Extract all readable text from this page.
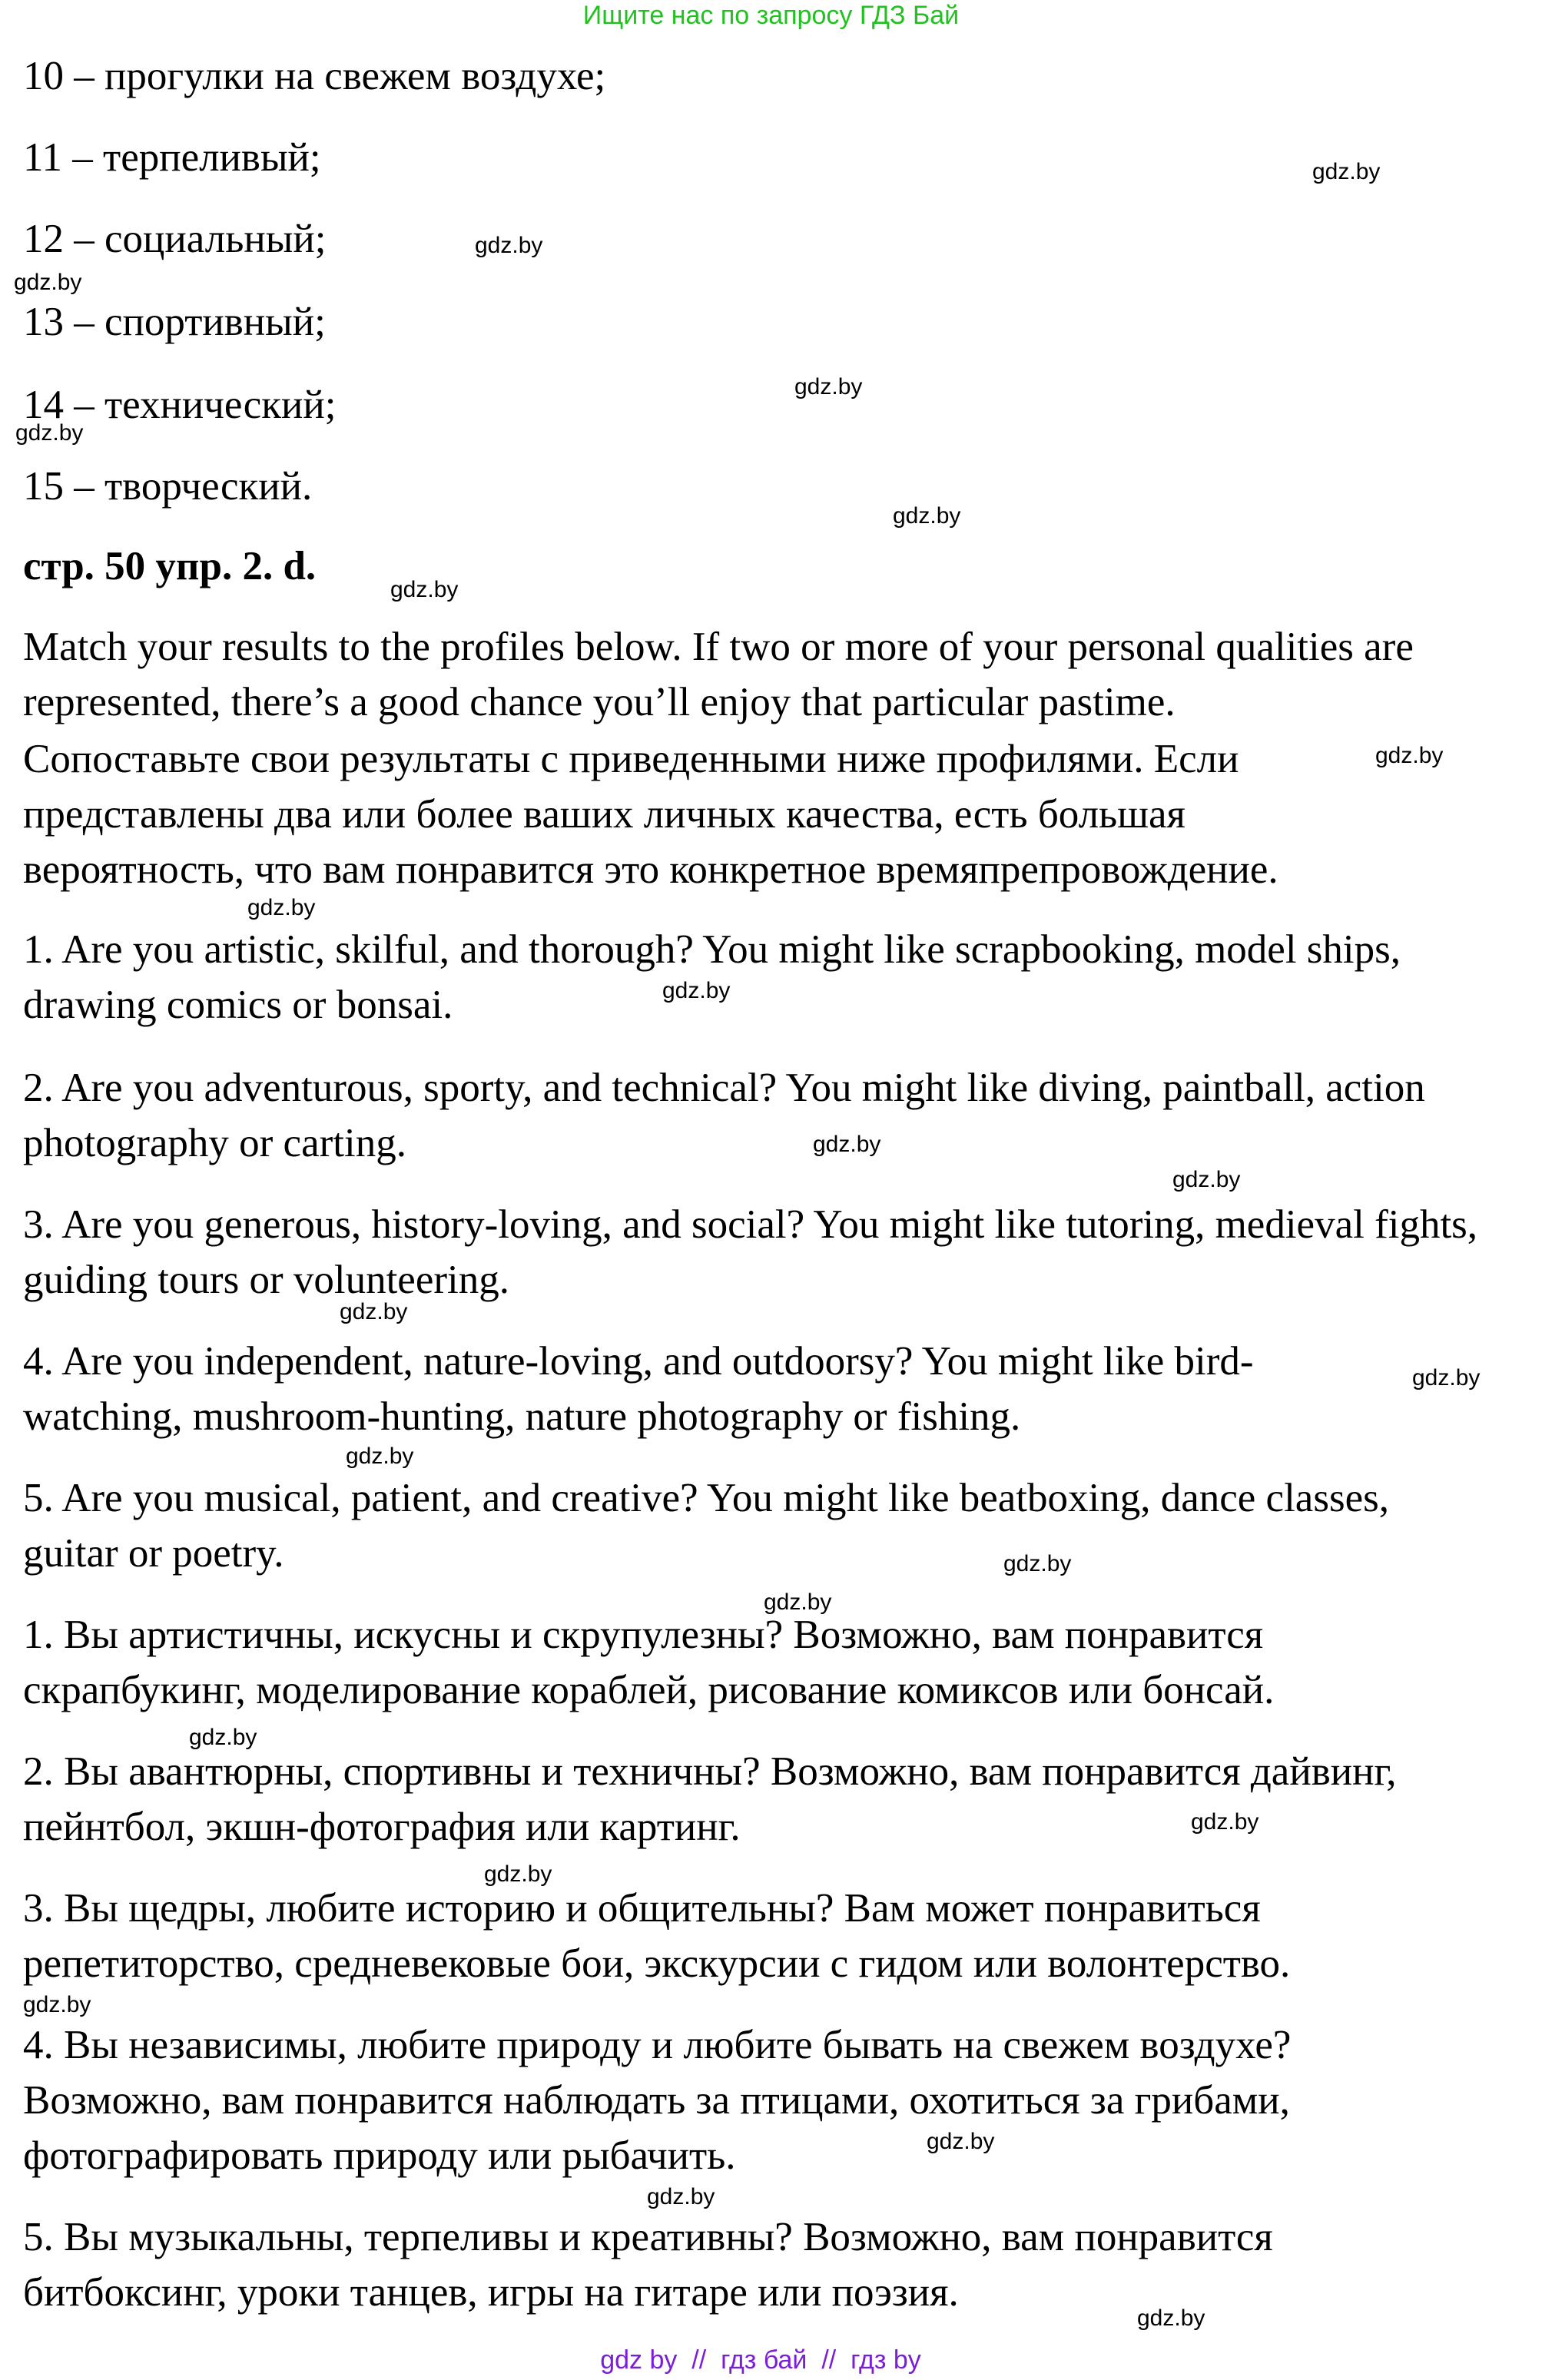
Ищите нас по запросу ГДЗ Бай
10 – прогулки на свежем воздухе;
11 – терпеливый;
12 – социальный;
13 – спортивный;
14 – технический;
15 – творческий.
стр. 50 упр. 2. d.

Match your results to the profiles below. If two or more of your personal qualities are represented, there’s a good chance you’ll enjoy that particular pastime.

Сопоставьте свои результаты с приведенными ниже профилями. Если представлены два или более ваших личных качества, есть большая вероятность, что вам понравится это конкретное времяпрепровождение.

1. Are you artistic, skilful, and thorough? You might like scrapbooking, model ships, drawing comics or bonsai.

2. Are you adventurous, sporty, and technical? You might like diving, paintball, action photography or carting.

3. Are you generous, history-loving, and social? You might like tutoring, medieval fights, guiding tours or volunteering.

4. Are you independent, nature-loving, and outdoorsy? You might like bird-watching, mushroom-hunting, nature photography or fishing.

5. Are you musical, patient, and creative? You might like beatboxing, dance classes, guitar or poetry.

1. Вы артистичны, искусны и скрупулезны? Возможно, вам понравится скрапбукинг, моделирование кораблей, рисование комиксов или бонсай.

2. Вы авантюрны, спортивны и техничны? Возможно, вам понравится дайвинг, пейнтбол, экшн-фотография или картинг.

3. Вы щедры, любите историю и общительны? Вам может понравиться репетиторство, средневековые бои, экскурсии с гидом или волонтерство.

4. Вы независимы, любите природу и любите бывать на свежем воздухе? Возможно, вам понравится наблюдать за птицами, охотиться за грибами, фотографировать природу или рыбачить.

5. Вы музыкальны, терпеливы и креативны? Возможно, вам понравится битбоксинг, уроки танцев, игры на гитаре или поэзия.

gdz.by
gdz.by
gdz.by
gdz.by
gdz.by
gdz.by
gdz.by
gdz.by
gdz.by
gdz.by
gdz.by
gdz.by
gdz.by
gdz.by
gdz.by
gdz.by
gdz.by
gdz.by
gdz.by
gdz.by
gdz.by
gdz.by
gdz.by
gdz.by
gdz by  //  гдз бай  //  гдз by
